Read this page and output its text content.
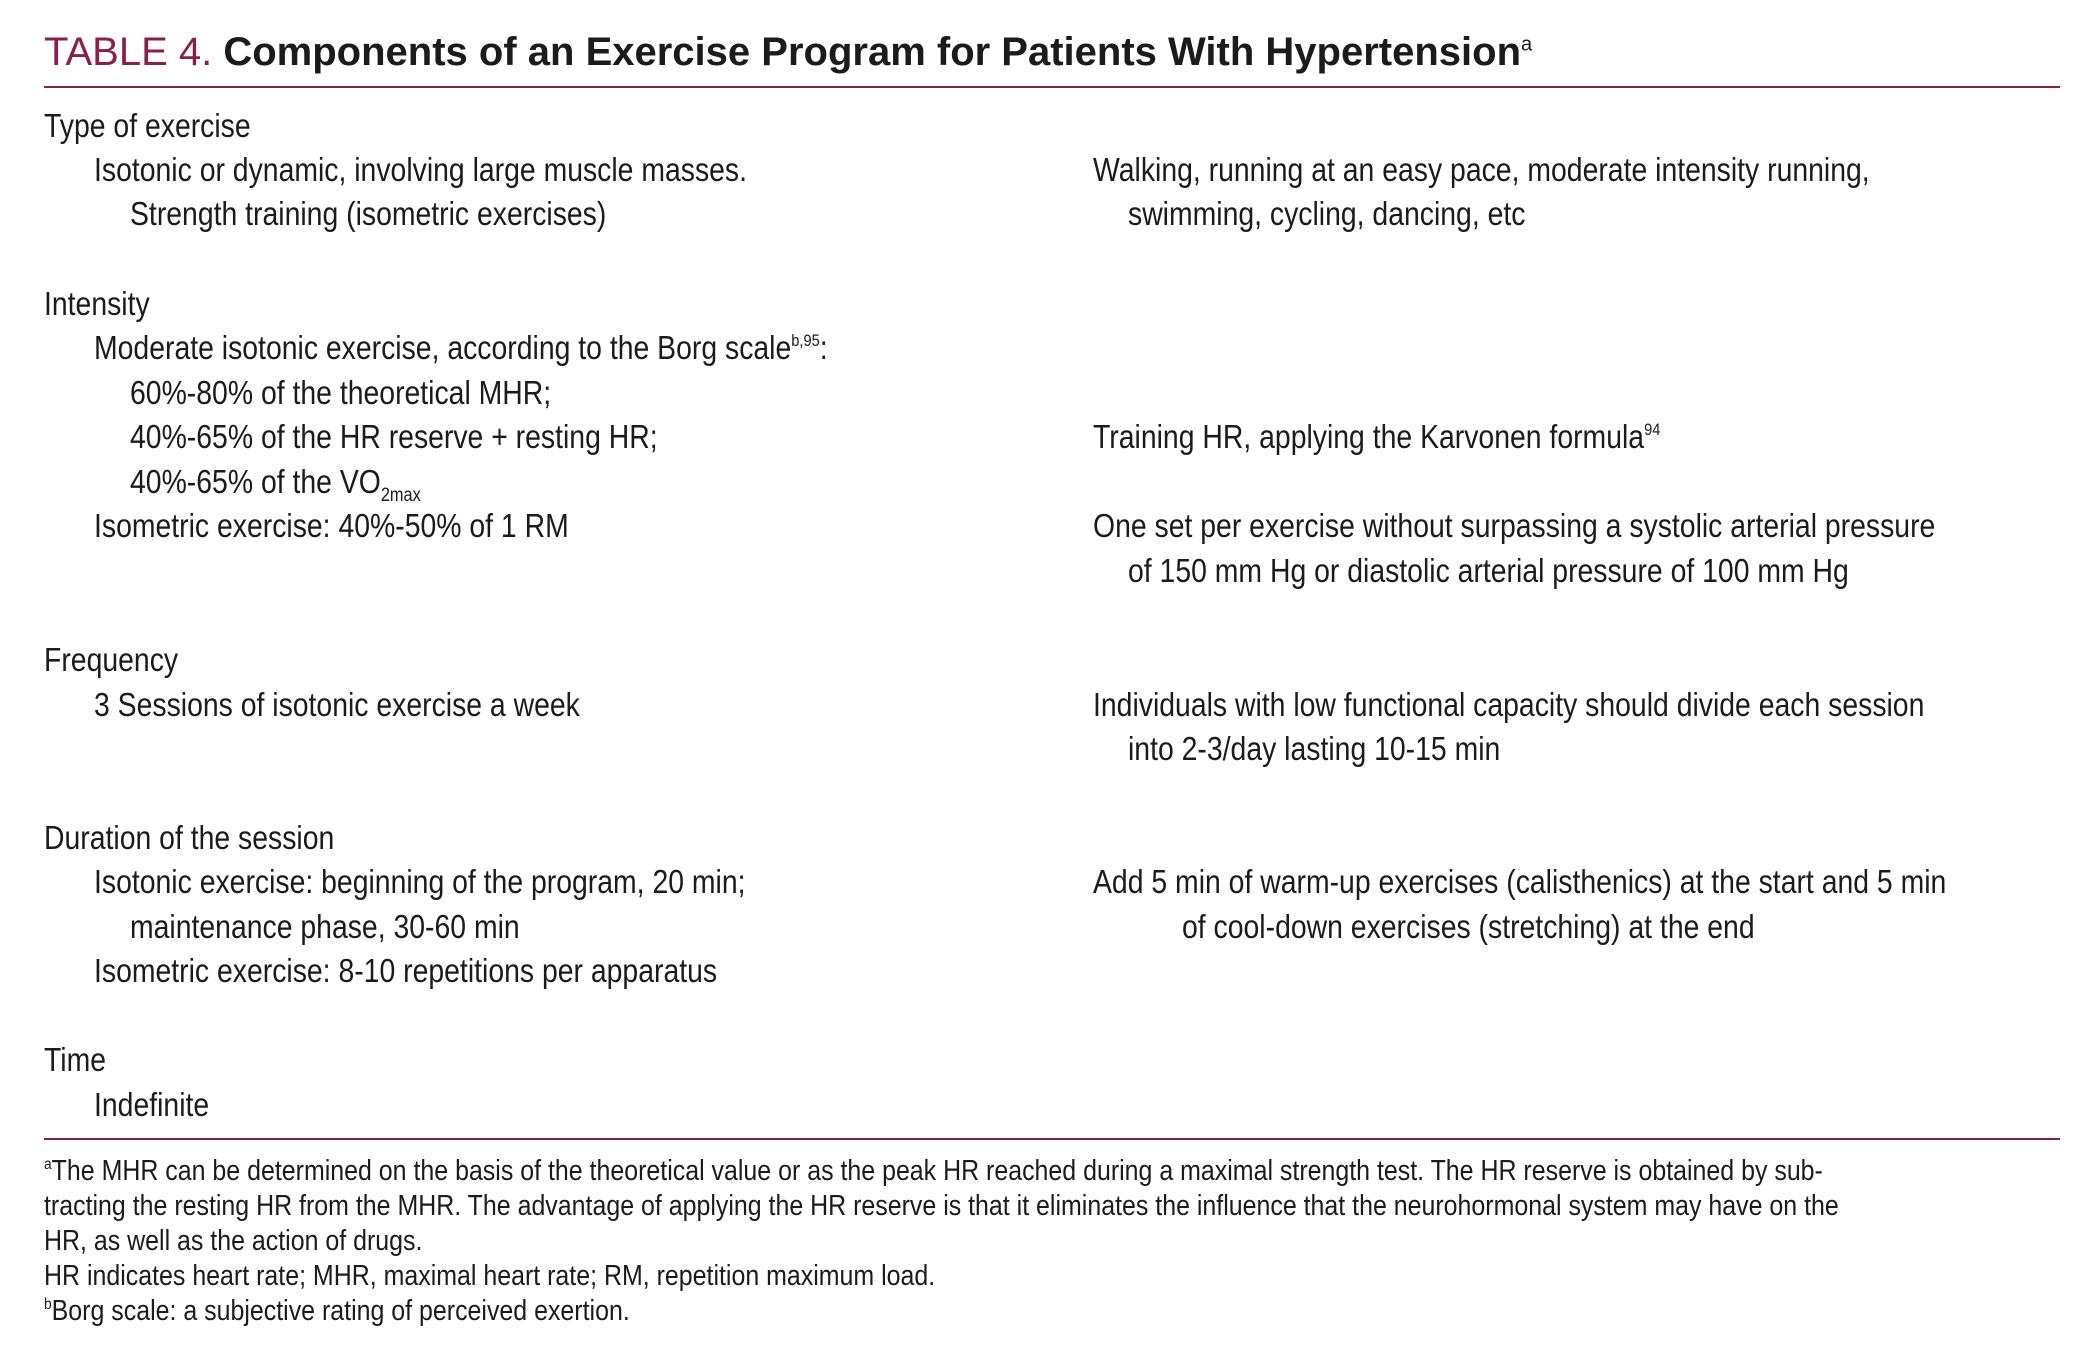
TABLE 4. Components of an Exercise Program for Patients With Hypertension$^a$
Type of exercise
Isotonic or dynamic, involving large muscle masses.
Strength training (isometric exercises)
Walking, running at an easy pace, moderate intensity running,
swimming, cycling, dancing, etc
Intensity
Moderate isotonic exercise, according to the Borg scale$^{b,95}$:
60%-80% of the theoretical MHR;
40%-65% of the HR reserve + resting HR;
40%-65% of the $VO_{2max}$
Isometric exercise: 40%-50% of 1 RM
Training HR, applying the Karvonen formula$^{94}$
One set per exercise without surpassing a systolic arterial pressure
of 150 mm Hg or diastolic arterial pressure of 100 mm Hg
Frequency
3 Sessions of isotonic exercise a week	Individuals with low functional capacity should divide each session
into 2-3/day lasting 10-15 min
Duration of the session
Isotonic exercise: beginning of the program, 20 min;
maintenance phase, 30-60 min
Isometric exercise: 8-10 repetitions per apparatus
Add 5 min of warm-up exercises (calisthenics) at the start and 5 min
of cool-down exercises (stretching) at the end
Time
Indefinite
$^a$The MHR can be determined on the basis of the theoretical value or as the peak HR reached during a maximal strength test. The HR reserve is obtained by sub-
tracting the resting HR from the MHR. The advantage of applying the HR reserve is that it eliminates the influence that the neurohormonal system may have on the
HR, as well as the action of drugs.
HR indicates heart rate; MHR, maximal heart rate; RM, repetition maximum load.
$^b$Borg scale: a subjective rating of perceived exertion.
